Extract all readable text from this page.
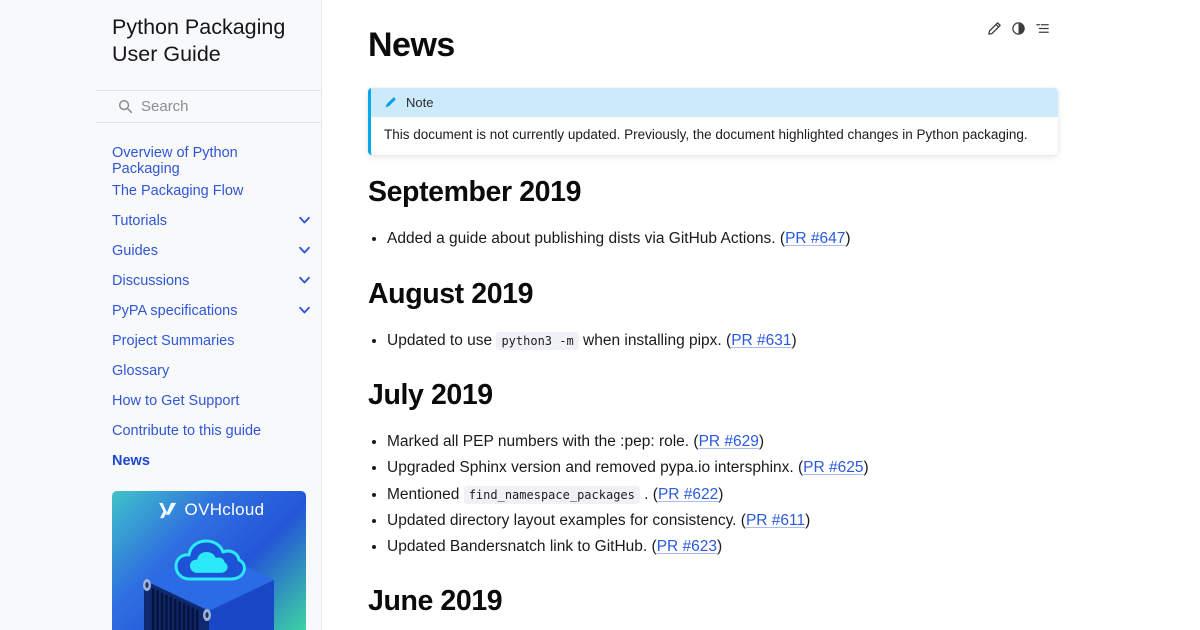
Python Packaging User Guide
Search
Overview of Python Packaging
The Packaging Flow
Tutorials
Guides
Discussions
PyPA specifications
Project Summaries
Glossary
How to Get Support
Contribute to this guide
News
OVHcloud
News
Note
This document is not currently updated. Previously, the document highlighted changes in Python packaging.
September 2019
• Added a guide about publishing dists via GitHub Actions. (PR #647)
August 2019
• Updated to use python3 -m when installing pipx. (PR #631)
July 2019
• Marked all PEP numbers with the :pep: role. (PR #629)
• Upgraded Sphinx version and removed pypa.io intersphinx. (PR #625)
• Mentioned find_namespace_packages . (PR #622)
• Updated directory layout examples for consistency. (PR #611)
• Updated Bandersnatch link to GitHub. (PR #623)
June 2019
